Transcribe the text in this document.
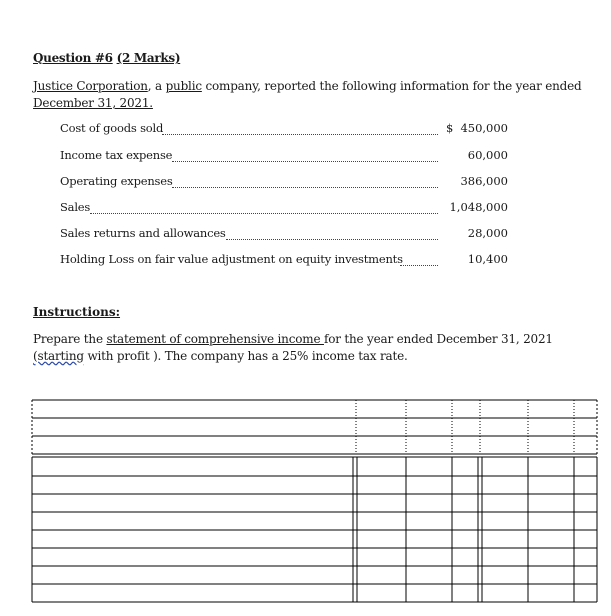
Question #6 (2 Marks)
Justice Corporation, a public company, reported the following information for the year ended December 31, 2021.
Cost of goods sold	$ 450,000
Income tax expense	60,000
Operating expenses	386,000
Sales	1,048,000
Sales returns and allowances	28,000
Holding Loss on fair value adjustment on equity investments	10,400
Instructions:
Prepare the statement of comprehensive income for the year ended December 31, 2021 (starting with profit ). The company has a 25% income tax rate.
